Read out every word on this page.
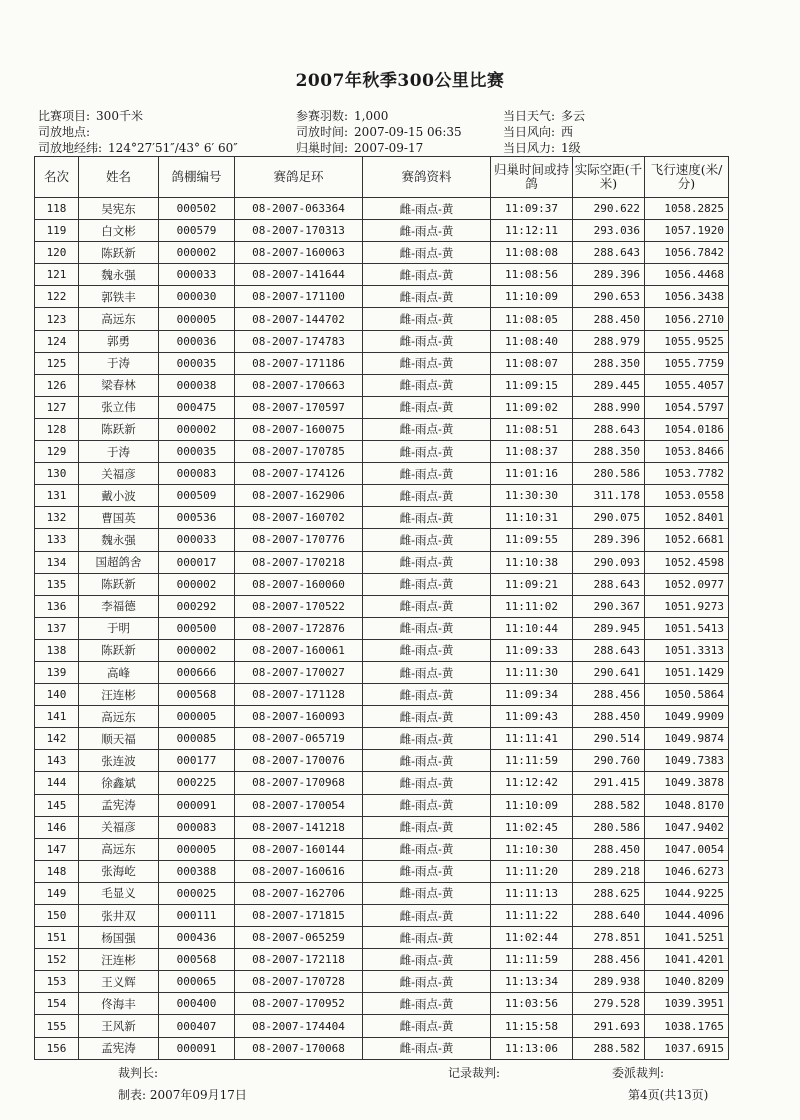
2007年秋季300公里比赛
比赛项目: 300千米
司放地点:
司放地经纬: 124°27′51″/43° 6′ 60″
参赛羽数: 1,000
司放时间: 2007-09-15 06:35
归巢时间: 2007-09-17
当日天气: 多云
当日风向: 西
当日风力: 1级
名次	姓名	鸽棚编号	赛鸽足环	赛鸽资料	归巢时间或持鸽	实际空距(千米)	飞行速度(米/分)
118	吴宪东	000502	08-2007-063364	雌-雨点-黄	11:09:37	290.622	1058.2825
119	白文彬	000579	08-2007-170313	雌-雨点-黄	11:12:11	293.036	1057.1920
120	陈跃新	000002	08-2007-160063	雌-雨点-黄	11:08:08	288.643	1056.7842
121	魏永强	000033	08-2007-141644	雌-雨点-黄	11:08:56	289.396	1056.4468
122	郭铁丰	000030	08-2007-171100	雌-雨点-黄	11:10:09	290.653	1056.3438
123	高远东	000005	08-2007-144702	雌-雨点-黄	11:08:05	288.450	1056.2710
124	郭勇	000036	08-2007-174783	雌-雨点-黄	11:08:40	288.979	1055.9525
125	于涛	000035	08-2007-171186	雌-雨点-黄	11:08:07	288.350	1055.7759
126	梁春林	000038	08-2007-170663	雌-雨点-黄	11:09:15	289.445	1055.4057
127	张立伟	000475	08-2007-170597	雌-雨点-黄	11:09:02	288.990	1054.5797
128	陈跃新	000002	08-2007-160075	雌-雨点-黄	11:08:51	288.643	1054.0186
129	于涛	000035	08-2007-170785	雌-雨点-黄	11:08:37	288.350	1053.8466
130	关福彦	000083	08-2007-174126	雌-雨点-黄	11:01:16	280.586	1053.7782
131	戴小波	000509	08-2007-162906	雌-雨点-黄	11:30:30	311.178	1053.0558
132	曹国英	000536	08-2007-160702	雌-雨点-黄	11:10:31	290.075	1052.8401
133	魏永强	000033	08-2007-170776	雌-雨点-黄	11:09:55	289.396	1052.6681
134	国超鸽舍	000017	08-2007-170218	雌-雨点-黄	11:10:38	290.093	1052.4598
135	陈跃新	000002	08-2007-160060	雌-雨点-黄	11:09:21	288.643	1052.0977
136	李福德	000292	08-2007-170522	雌-雨点-黄	11:11:02	290.367	1051.9273
137	于明	000500	08-2007-172876	雌-雨点-黄	11:10:44	289.945	1051.5413
138	陈跃新	000002	08-2007-160061	雌-雨点-黄	11:09:33	288.643	1051.3313
139	高峰	000666	08-2007-170027	雌-雨点-黄	11:11:30	290.641	1051.1429
140	汪连彬	000568	08-2007-171128	雌-雨点-黄	11:09:34	288.456	1050.5864
141	高远东	000005	08-2007-160093	雌-雨点-黄	11:09:43	288.450	1049.9909
142	顺天福	000085	08-2007-065719	雌-雨点-黄	11:11:41	290.514	1049.9874
143	张连波	000177	08-2007-170076	雌-雨点-黄	11:11:59	290.760	1049.7383
144	徐鑫斌	000225	08-2007-170968	雌-雨点-黄	11:12:42	291.415	1049.3878
145	孟宪涛	000091	08-2007-170054	雌-雨点-黄	11:10:09	288.582	1048.8170
146	关福彦	000083	08-2007-141218	雌-雨点-黄	11:02:45	280.586	1047.9402
147	高远东	000005	08-2007-160144	雌-雨点-黄	11:10:30	288.450	1047.0054
148	张海屹	000388	08-2007-160616	雌-雨点-黄	11:11:20	289.218	1046.6273
149	毛显义	000025	08-2007-162706	雌-雨点-黄	11:11:13	288.625	1044.9225
150	张井双	000111	08-2007-171815	雌-雨点-黄	11:11:22	288.640	1044.4096
151	杨国强	000436	08-2007-065259	雌-雨点-黄	11:02:44	278.851	1041.5251
152	汪连彬	000568	08-2007-172118	雌-雨点-黄	11:11:59	288.456	1041.4201
153	王义辉	000065	08-2007-170728	雌-雨点-黄	11:13:34	289.938	1040.8209
154	佟海丰	000400	08-2007-170952	雌-雨点-黄	11:03:56	279.528	1039.3951
155	王风新	000407	08-2007-174404	雌-雨点-黄	11:15:58	291.693	1038.1765
156	孟宪涛	000091	08-2007-170068	雌-雨点-黄	11:13:06	288.582	1037.6915
裁判长:	记录裁判:	委派裁判:
制表: 2007年09月17日	第4页(共13页)
